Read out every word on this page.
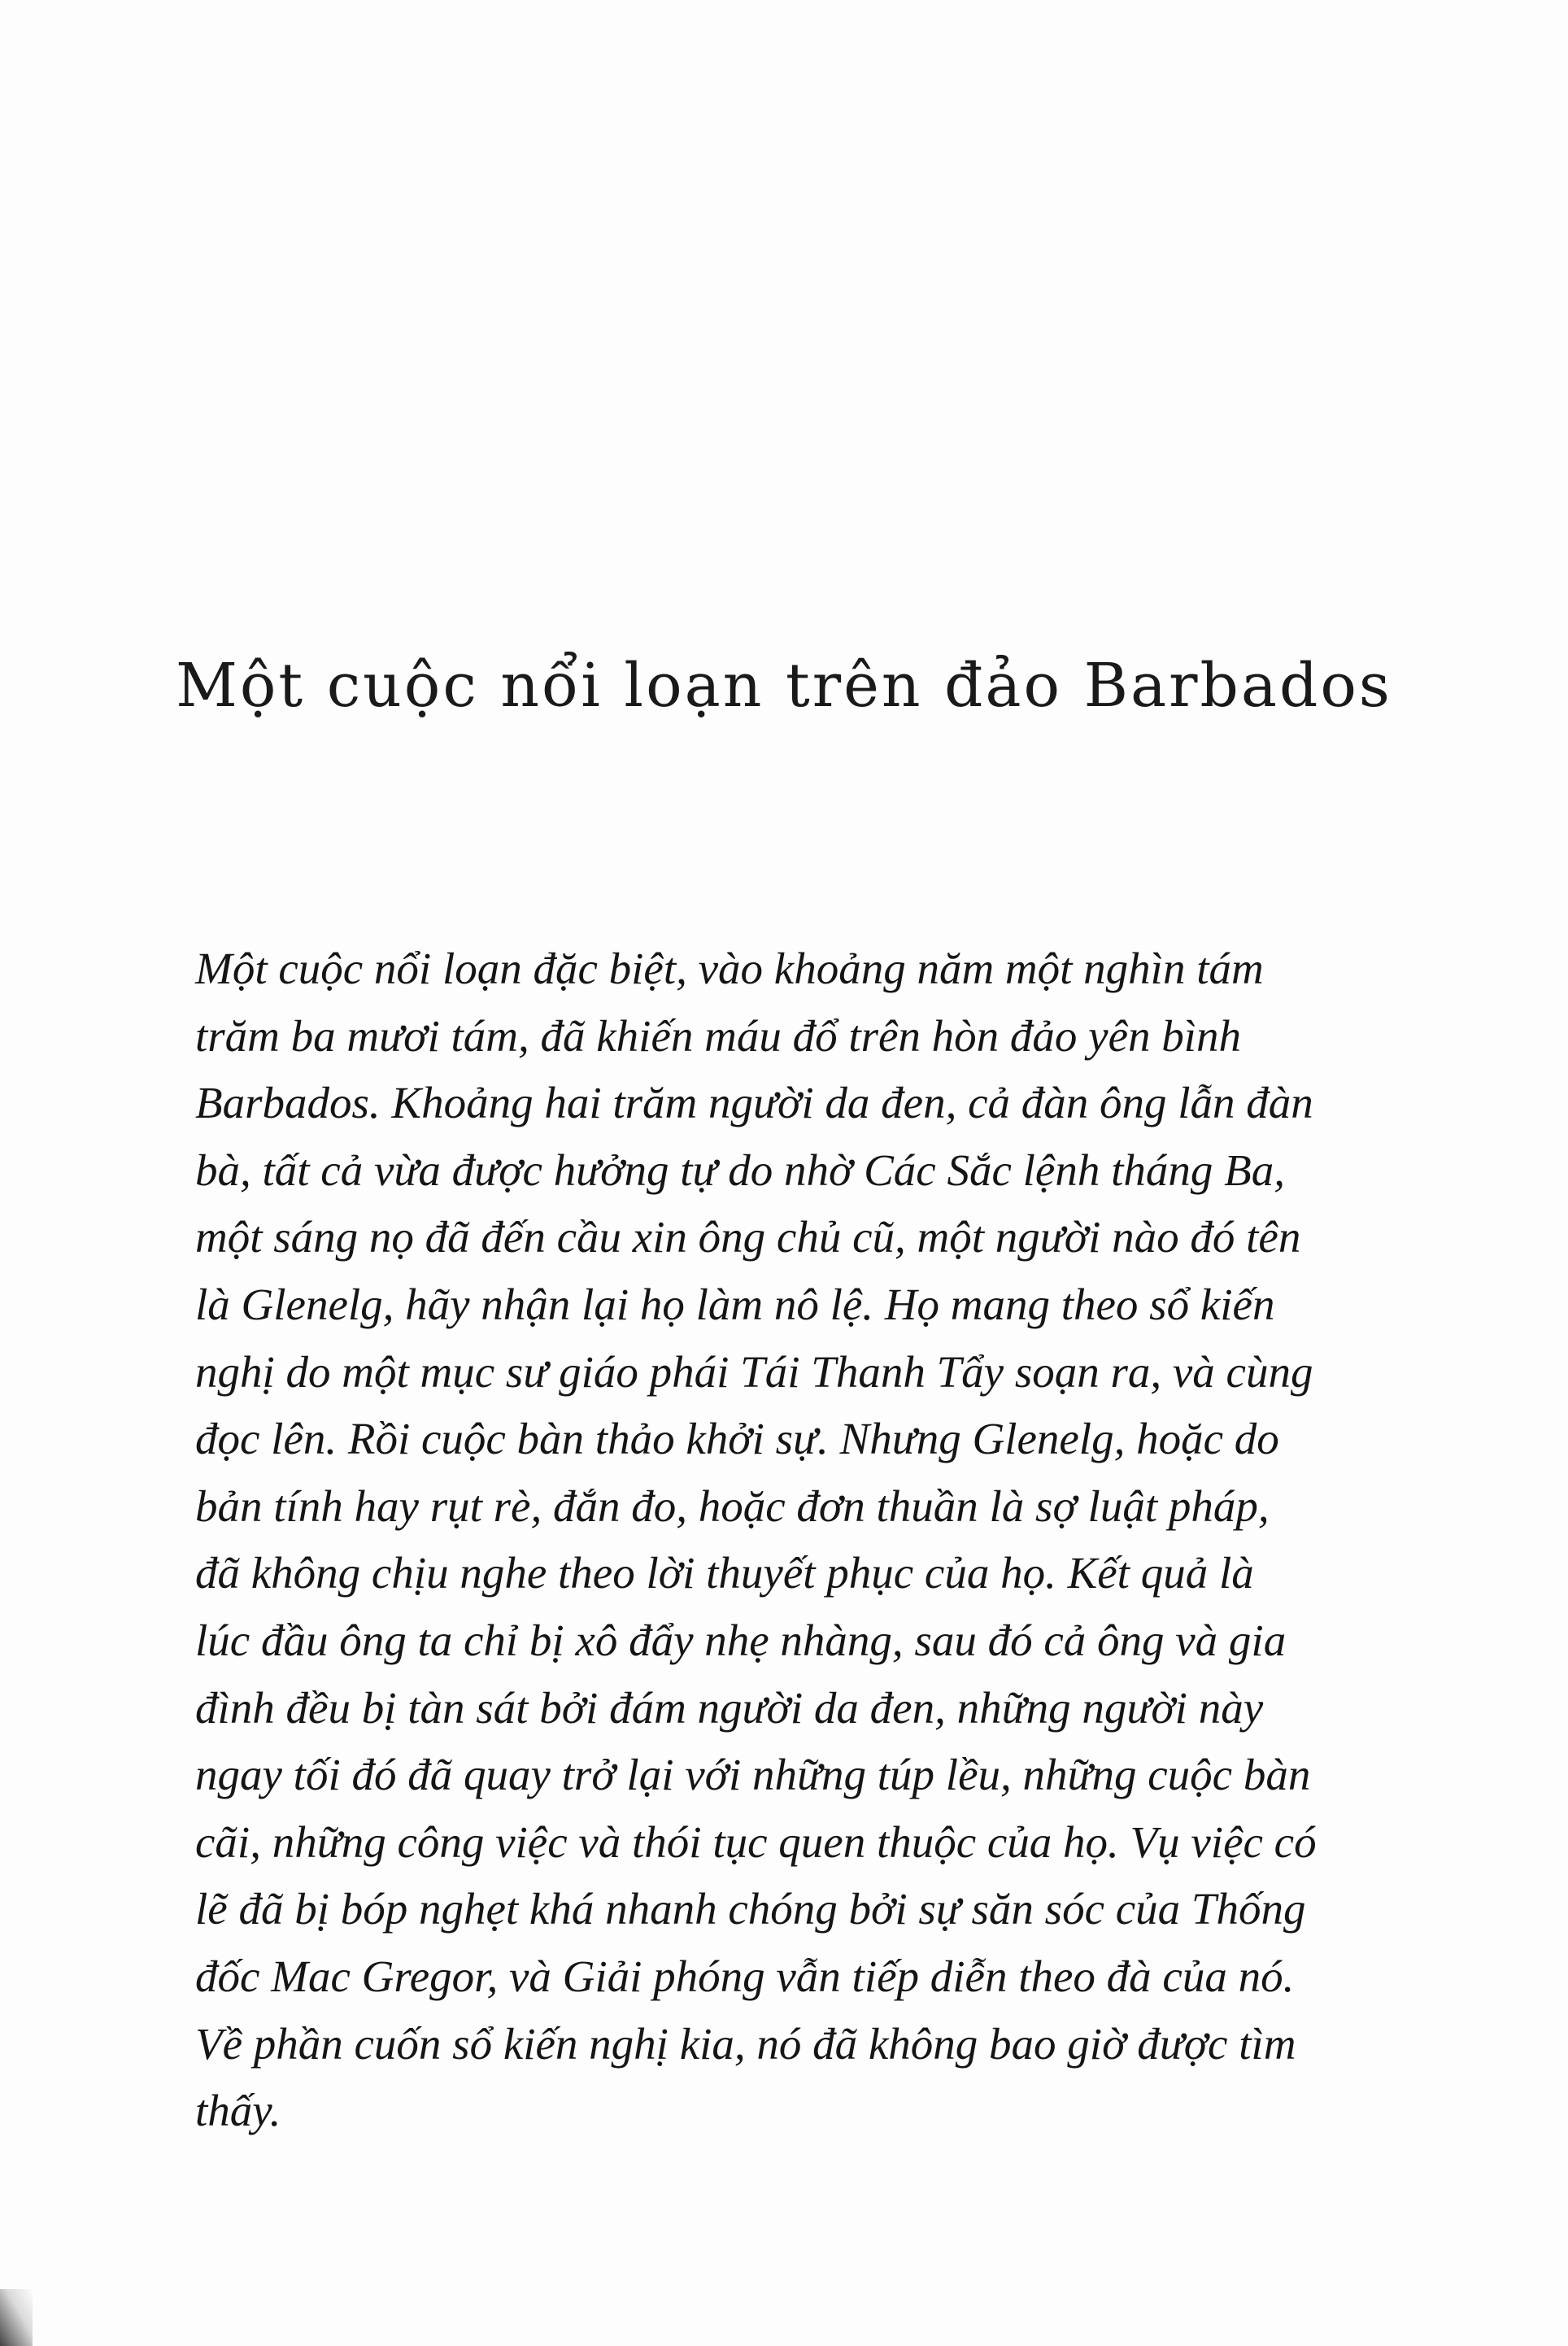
Một cuộc nổi loạn trên đảo Barbados
Một cuộc nổi loạn đặc biệt, vào khoảng năm một nghìn tám
trăm ba mươi tám, đã khiến máu đổ trên hòn đảo yên bình
Barbados. Khoảng hai trăm người da đen, cả đàn ông lẫn đàn
bà, tất cả vừa được hưởng tự do nhờ Các Sắc lệnh tháng Ba,
một sáng nọ đã đến cầu xin ông chủ cũ, một người nào đó tên
là Glenelg, hãy nhận lại họ làm nô lệ. Họ mang theo sổ kiến
nghị do một mục sư giáo phái Tái Thanh Tẩy soạn ra, và cùng
đọc lên. Rồi cuộc bàn thảo khởi sự. Nhưng Glenelg, hoặc do
bản tính hay rụt rè, đắn đo, hoặc đơn thuần là sợ luật pháp,
đã không chịu nghe theo lời thuyết phục của họ. Kết quả là
lúc đầu ông ta chỉ bị xô đẩy nhẹ nhàng, sau đó cả ông và gia
đình đều bị tàn sát bởi đám người da đen, những người này
ngay tối đó đã quay trở lại với những túp lều, những cuộc bàn
cãi, những công việc và thói tục quen thuộc của họ. Vụ việc có
lẽ đã bị bóp nghẹt khá nhanh chóng bởi sự săn sóc của Thống
đốc Mac Gregor, và Giải phóng vẫn tiếp diễn theo đà của nó.
Về phần cuốn sổ kiến nghị kia, nó đã không bao giờ được tìm
thấy.
